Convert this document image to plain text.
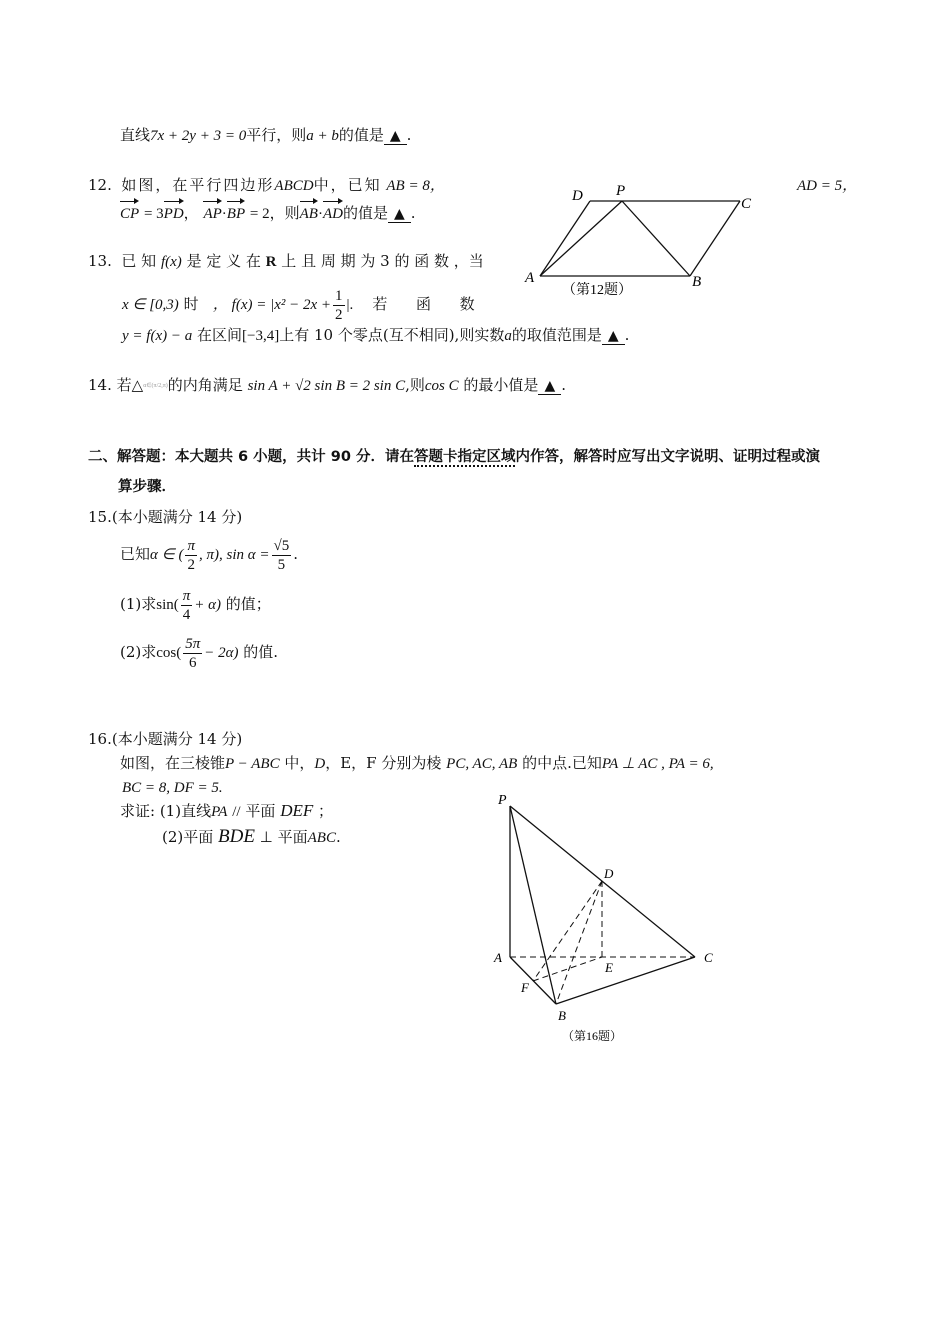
直线7x + 2y + 3 = 0平行，则a + b的值是 ▲ .
12. 如图，在平行四边形ABCD中，已知 AB = 8，	AD = 5，
CP = 3PD， AP·BP = 2，则AB·AD的值是 ▲ .
D P
C
A	B
（第12题）
13. 已 知 f(x) 是 定 义 在 R 上 且 周 期 为 3 的 函 数 ，当
x ∈ [0,3) 时 ， $f(x) = |x^2 - 2x + \frac{1}{2}$ |. 若 函 数
y = f(x) − a 在区间[−3,4]上有 10 个零点(互不相同),则实数a的取值范围是 ▲ .
14. 若△α∈(π/2,π)的内角满足 sin A + √2 sin B = 2 sin C,则cos C 的最小值是 ▲ .
二、解答题：本大题共 6 小题，共计 90 分．请在答题卡指定区域内作答，解答时应写出文字说明、证明过程或演
算步骤．
15.(本小题满分 14 分)
已知α ∈ ( $\frac{\pi}{2}$ , π), $\sin \alpha = \frac{√5}{5}$ .
(1)求$\sin( \frac{\pi}{4} + \alpha)$ 的值；
(2)求$\cos( \frac{5\pi}{6} - 2\alpha)$ 的值.
16.(本小题满分 14 分)
如图，在三棱锥P − ABC 中，D，E，F 分别为棱 PC, AC, AB 的中点.已知PA ⊥ AC , PA = 6,
BC = 8, DF = 5.
求证: (1)直线PA // 平面 DEF ；
(2)平面 BDE ⊥ 平面ABC.
P
D
A	C
E
F
B
（第16题）
